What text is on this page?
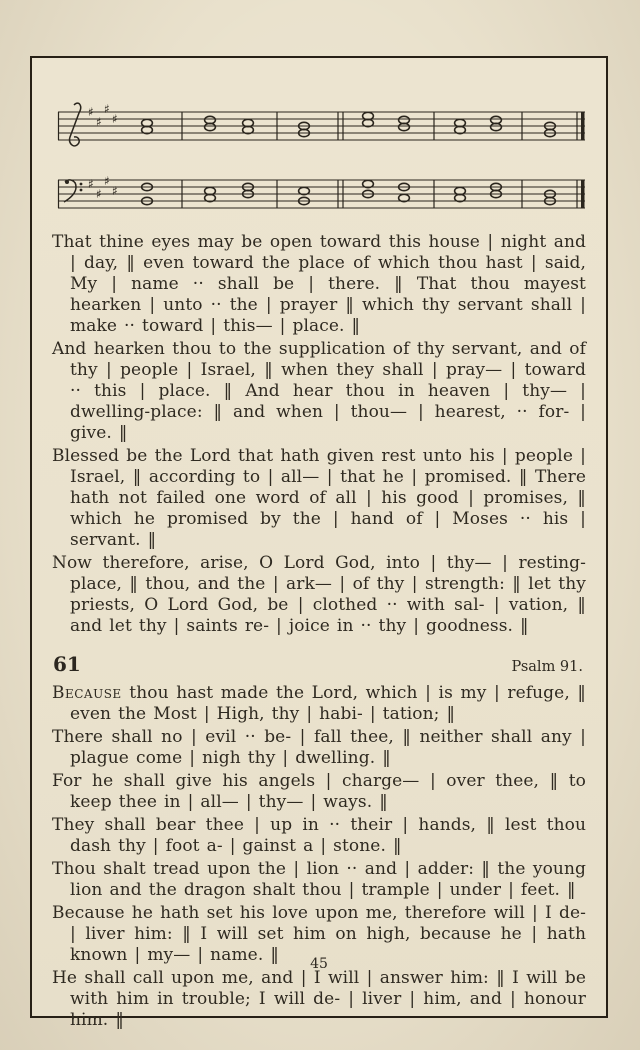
♯
♯
♯
♯
♯
♯
♯
♯

That thine eyes may be open toward this house | night and | day, ‖ even toward the place of which thou hast | said, My | name ·· shall be | there. ‖ That thou mayest hearken | unto ·· the | prayer ‖ which thy servant shall | make ·· toward | this— | place. ‖

And hearken thou to the supplication of thy servant, and of thy | people | Israel, ‖ when they shall | pray— | toward ·· this | place. ‖ And hear thou in heaven | thy— | dwelling-place: ‖ and when | thou— | hearest, ·· for- | give. ‖

Blessed be the Lord that hath given rest unto his | people | Israel, ‖ according to | all— | that he | promised. ‖ There hath not failed one word of all | his good | promises, ‖ which he promised by the | hand of | Moses ·· his | servant. ‖

Now therefore, arise, O Lord God, into | thy— | resting-place, ‖ thou, and the | ark— | of thy | strength: ‖ let thy priests, O Lord God, be | clothed ·· with sal- | vation, ‖ and let thy | saints re- | joice in ·· thy | goodness. ‖

61	Psalm 91.

Because thou hast made the Lord, which | is my | refuge, ‖ even the Most | High, thy | habi- | tation; ‖

There shall no | evil ·· be- | fall thee, ‖ neither shall any | plague come | nigh thy | dwelling. ‖

For he shall give his angels | charge— | over thee, ‖ to keep thee in | all— | thy— | ways. ‖

They shall bear thee | up in ·· their | hands, ‖ lest thou dash thy | foot a- | gainst a | stone. ‖

Thou shalt tread upon the | lion ·· and | adder: ‖ the young lion and the dragon shalt thou | trample | under | feet. ‖

Because he hath set his love upon me, therefore will | I de- | liver him: ‖ I will set him on high, because he | hath known | my— | name. ‖

He shall call upon me, and | I will | answer him: ‖ I will be with him in trouble; I will de- | liver | him, and | honour him. ‖

45
